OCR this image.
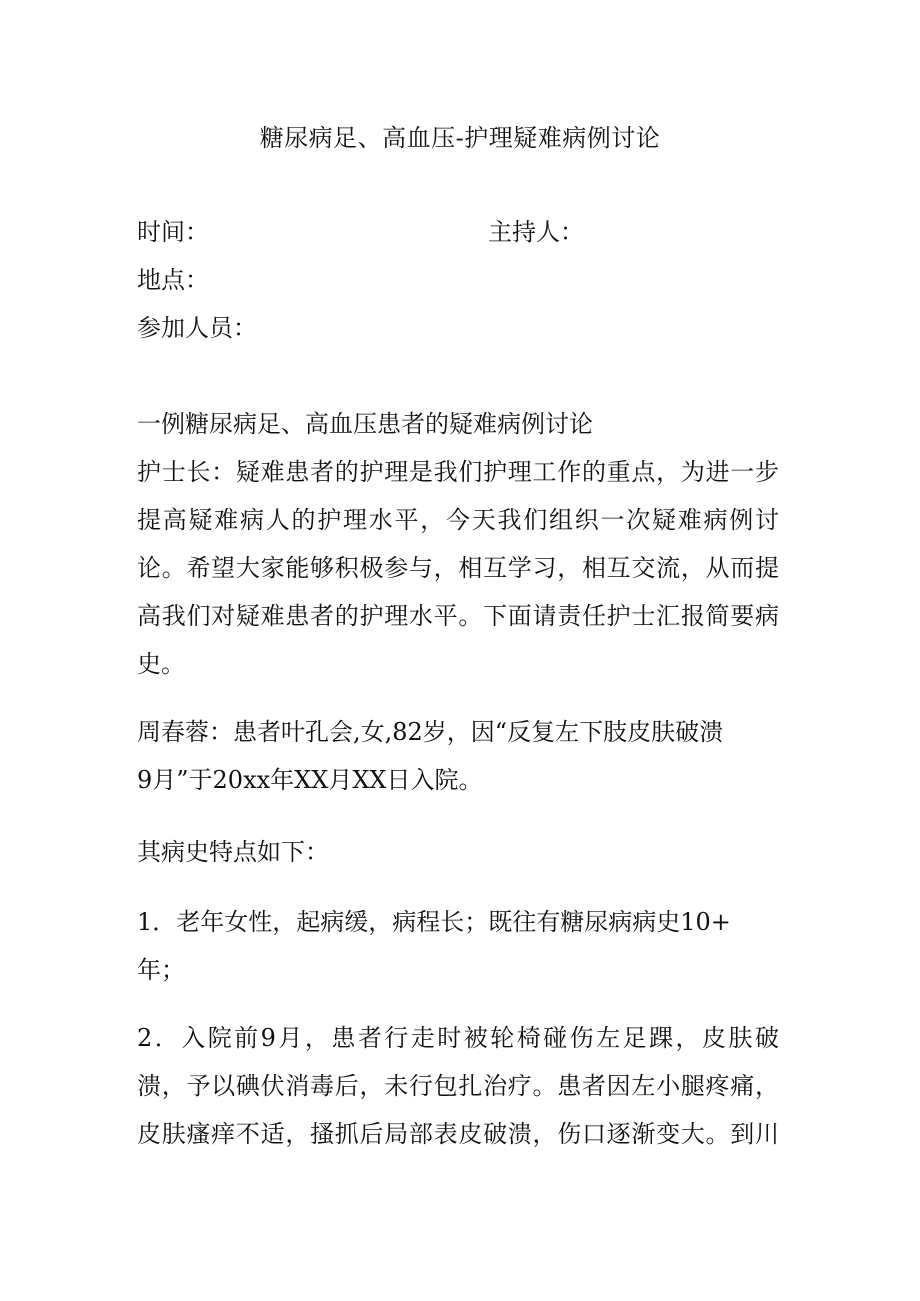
糖尿病足、高血压-护理疑难病例讨论
时间：	主持人：
地点：
参加人员：
一例糖尿病足、高血压患者的疑难病例讨论
护士长：疑难患者的护理是我们护理工作的重点，为进一步
提高疑难病人的护理水平，今天我们组织一次疑难病例讨
论。希望大家能够积极参与，相互学习，相互交流，从而提
高我们对疑难患者的护理水平。下面请责任护士汇报简要病
史。
周春蓉：患者叶孔会,女,82岁，因“反复左下肢皮肤破溃
9月”于20xx年XX月XX日入院。
其病史特点如下：
1．老年女性，起病缓，病程长；既往有糖尿病病史10+
年；
2．入院前9月，患者行走时被轮椅碰伤左足踝，皮肤破
溃，予以碘伏消毒后，未行包扎治疗。患者因左小腿疼痛，
皮肤瘙痒不适，搔抓后局部表皮破溃，伤口逐渐变大。到川
